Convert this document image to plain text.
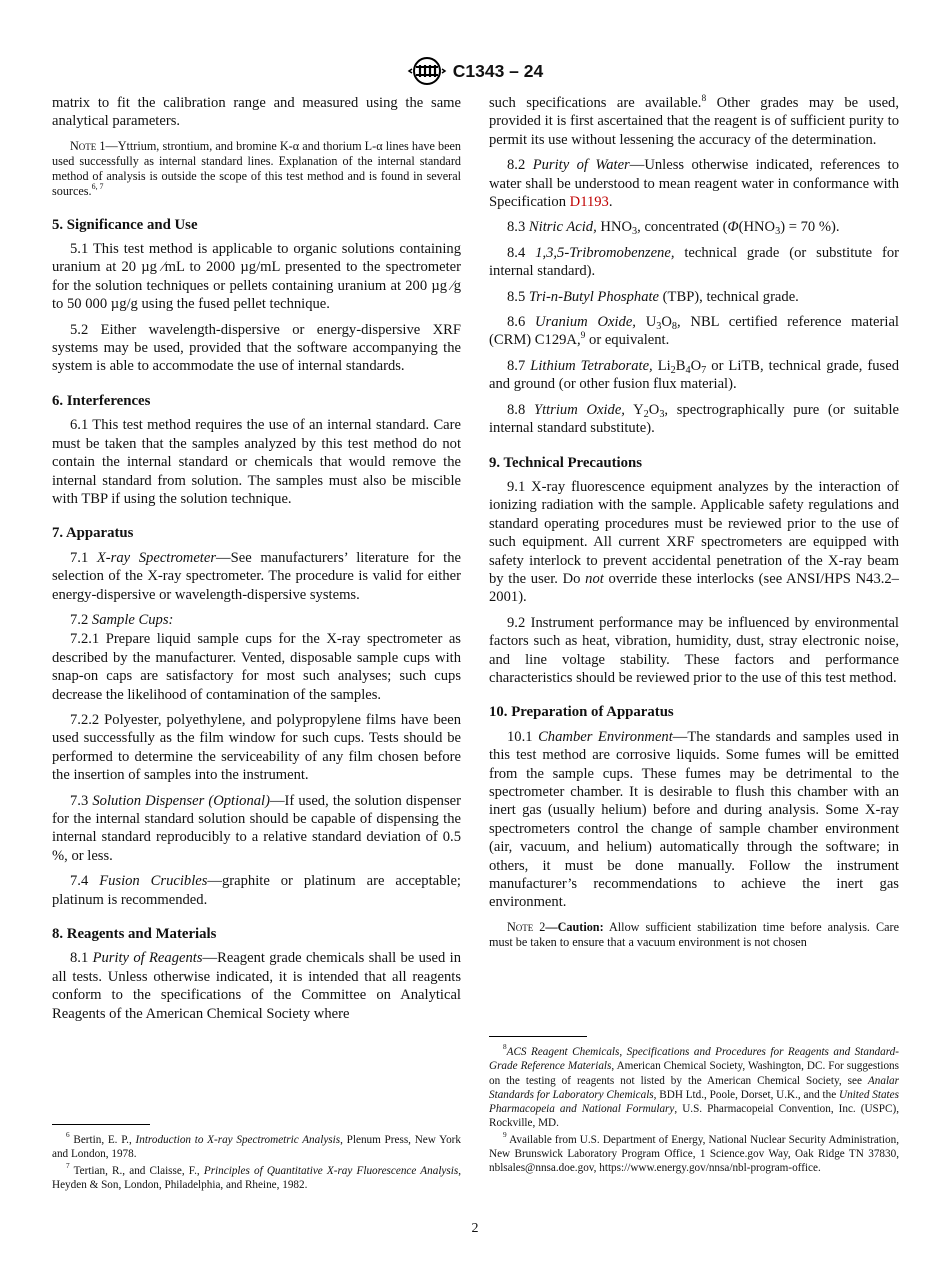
C1343 – 24

matrix to fit the calibration range and measured using the same analytical parameters.

Note 1—Yttrium, strontium, and bromine K-α and thorium L-α lines have been used successfully as internal standard lines. Explanation of the internal standard method of analysis is outside the scope of this test method and is found in several sources.$^{6, 7}$
5. Significance and Use

5.1 This test method is applicable to organic solutions containing uranium at 20 µg ⁄mL to 2000 µg/mL presented to the spectrometer for the solution techniques or pellets containing uranium at 200 µg ⁄g to 50 000 µg/g using the fused pellet technique.

5.2 Either wavelength-dispersive or energy-dispersive XRF systems may be used, provided that the software accompanying the system is able to accommodate the use of internal standards.

6. Interferences

6.1 This test method requires the use of an internal standard. Care must be taken that the samples analyzed by this test method do not contain the internal standard or chemicals that would remove the internal standard from solution. The samples must also be miscible with TBP if using the solution technique.

7. Apparatus

7.1 X-ray Spectrometer—See manufacturers’ literature for the selection of the X-ray spectrometer. The procedure is valid for either energy-dispersive or wavelength-dispersive systems.

7.2 Sample Cups:

7.2.1 Prepare liquid sample cups for the X-ray spectrometer as described by the manufacturer. Vented, disposable sample cups with snap-on caps are satisfactory for most such analyses; such cups decrease the likelihood of contamination of the samples.

7.2.2 Polyester, polyethylene, and polypropylene films have been used successfully as the film window for such cups. Tests should be performed to determine the serviceability of any film chosen before the insertion of samples into the instrument.

7.3 Solution Dispenser (Optional)—If used, the solution dispenser for the internal standard solution should be capable of dispensing the internal standard reproducibly to a relative standard deviation of 0.5 %, or less.

7.4 Fusion Crucibles—graphite or platinum are acceptable; platinum is recommended.

8. Reagents and Materials

8.1 Purity of Reagents—Reagent grade chemicals shall be used in all tests. Unless otherwise indicated, it is intended that all reagents conform to the specifications of the Committee on Analytical Reagents of the American Chemical Society where

such specifications are available.$^8$ Other grades may be used, provided it is first ascertained that the reagent is of sufficient purity to permit its use without lessening the accuracy of the determination.

8.2 Purity of Water—Unless otherwise indicated, references to water shall be understood to mean reagent water in conformance with Specification D1193.

8.3 Nitric Acid, $HNO_3$, concentrated ($\Phi(HNO_3) = 70$ %).

8.4 1,3,5-Tribromobenzene, technical grade (or substitute for internal standard).

8.5 Tri-n-Butyl Phosphate (TBP), technical grade.

8.6 Uranium Oxide, $U_3O_8$, NBL certified reference material (CRM) C129A,$^9$ or equivalent.

8.7 Lithium Tetraborate, $Li_2B_4O_7$ or LiTB, technical grade, fused and ground (or other fusion flux material).

8.8 Yttrium Oxide, $Y_2O_3$, spectrographically pure (or suitable internal standard substitute).

9. Technical Precautions

9.1 X-ray fluorescence equipment analyzes by the interaction of ionizing radiation with the sample. Applicable safety regulations and standard operating procedures must be reviewed prior to the use of such equipment. All current XRF spectrometers are equipped with safety interlock to prevent accidental penetration of the X-ray beam by the user. Do not override these interlocks (see ANSI/HPS N43.2–2001).

9.2 Instrument performance may be influenced by environmental factors such as heat, vibration, humidity, dust, stray electronic noise, and line voltage stability. These factors and performance characteristics should be reviewed prior to the use of this test method.

10. Preparation of Apparatus

10.1 Chamber Environment—The standards and samples used in this test method are corrosive liquids. Some fumes will be emitted from the sample cups. These fumes may be detrimental to the spectrometer chamber. It is desirable to flush this chamber with an inert gas (usually helium) before and during analysis. Some X-ray spectrometers control the change of sample chamber environment (air, vacuum, and helium) automatically through the software; in others, it must be done manually. Follow the instrument manufacturer’s recommendations to achieve the inert gas environment.

Note 2—Caution: Allow sufficient stabilization time before analysis. Care must be taken to ensure that a vacuum environment is not chosen

$^6$ Bertin, E. P., Introduction to X-ray Spectrometric Analysis, Plenum Press, New York and London, 1978.

$^7$ Tertian, R., and Claisse, F., Principles of Quantitative X-ray Fluorescence Analysis, Heyden & Son, London, Philadelphia, and Rheine, 1982.

$^8$ACS Reagent Chemicals, Specifications and Procedures for Reagents and Standard-Grade Reference Materials, American Chemical Society, Washington, DC. For suggestions on the testing of reagents not listed by the American Chemical Society, see Analar Standards for Laboratory Chemicals, BDH Ltd., Poole, Dorset, U.K., and the United States Pharmacopeia and National Formulary, U.S. Pharmacopeial Convention, Inc. (USPC), Rockville, MD.

$^9$ Available from U.S. Department of Energy, National Nuclear Security Administration, New Brunswick Laboratory Program Office, 1 Science.gov Way, Oak Ridge TN 37830, nblsales@nnsa.doe.gov, https://www.energy.gov/nnsa/nbl-program-office.

2
